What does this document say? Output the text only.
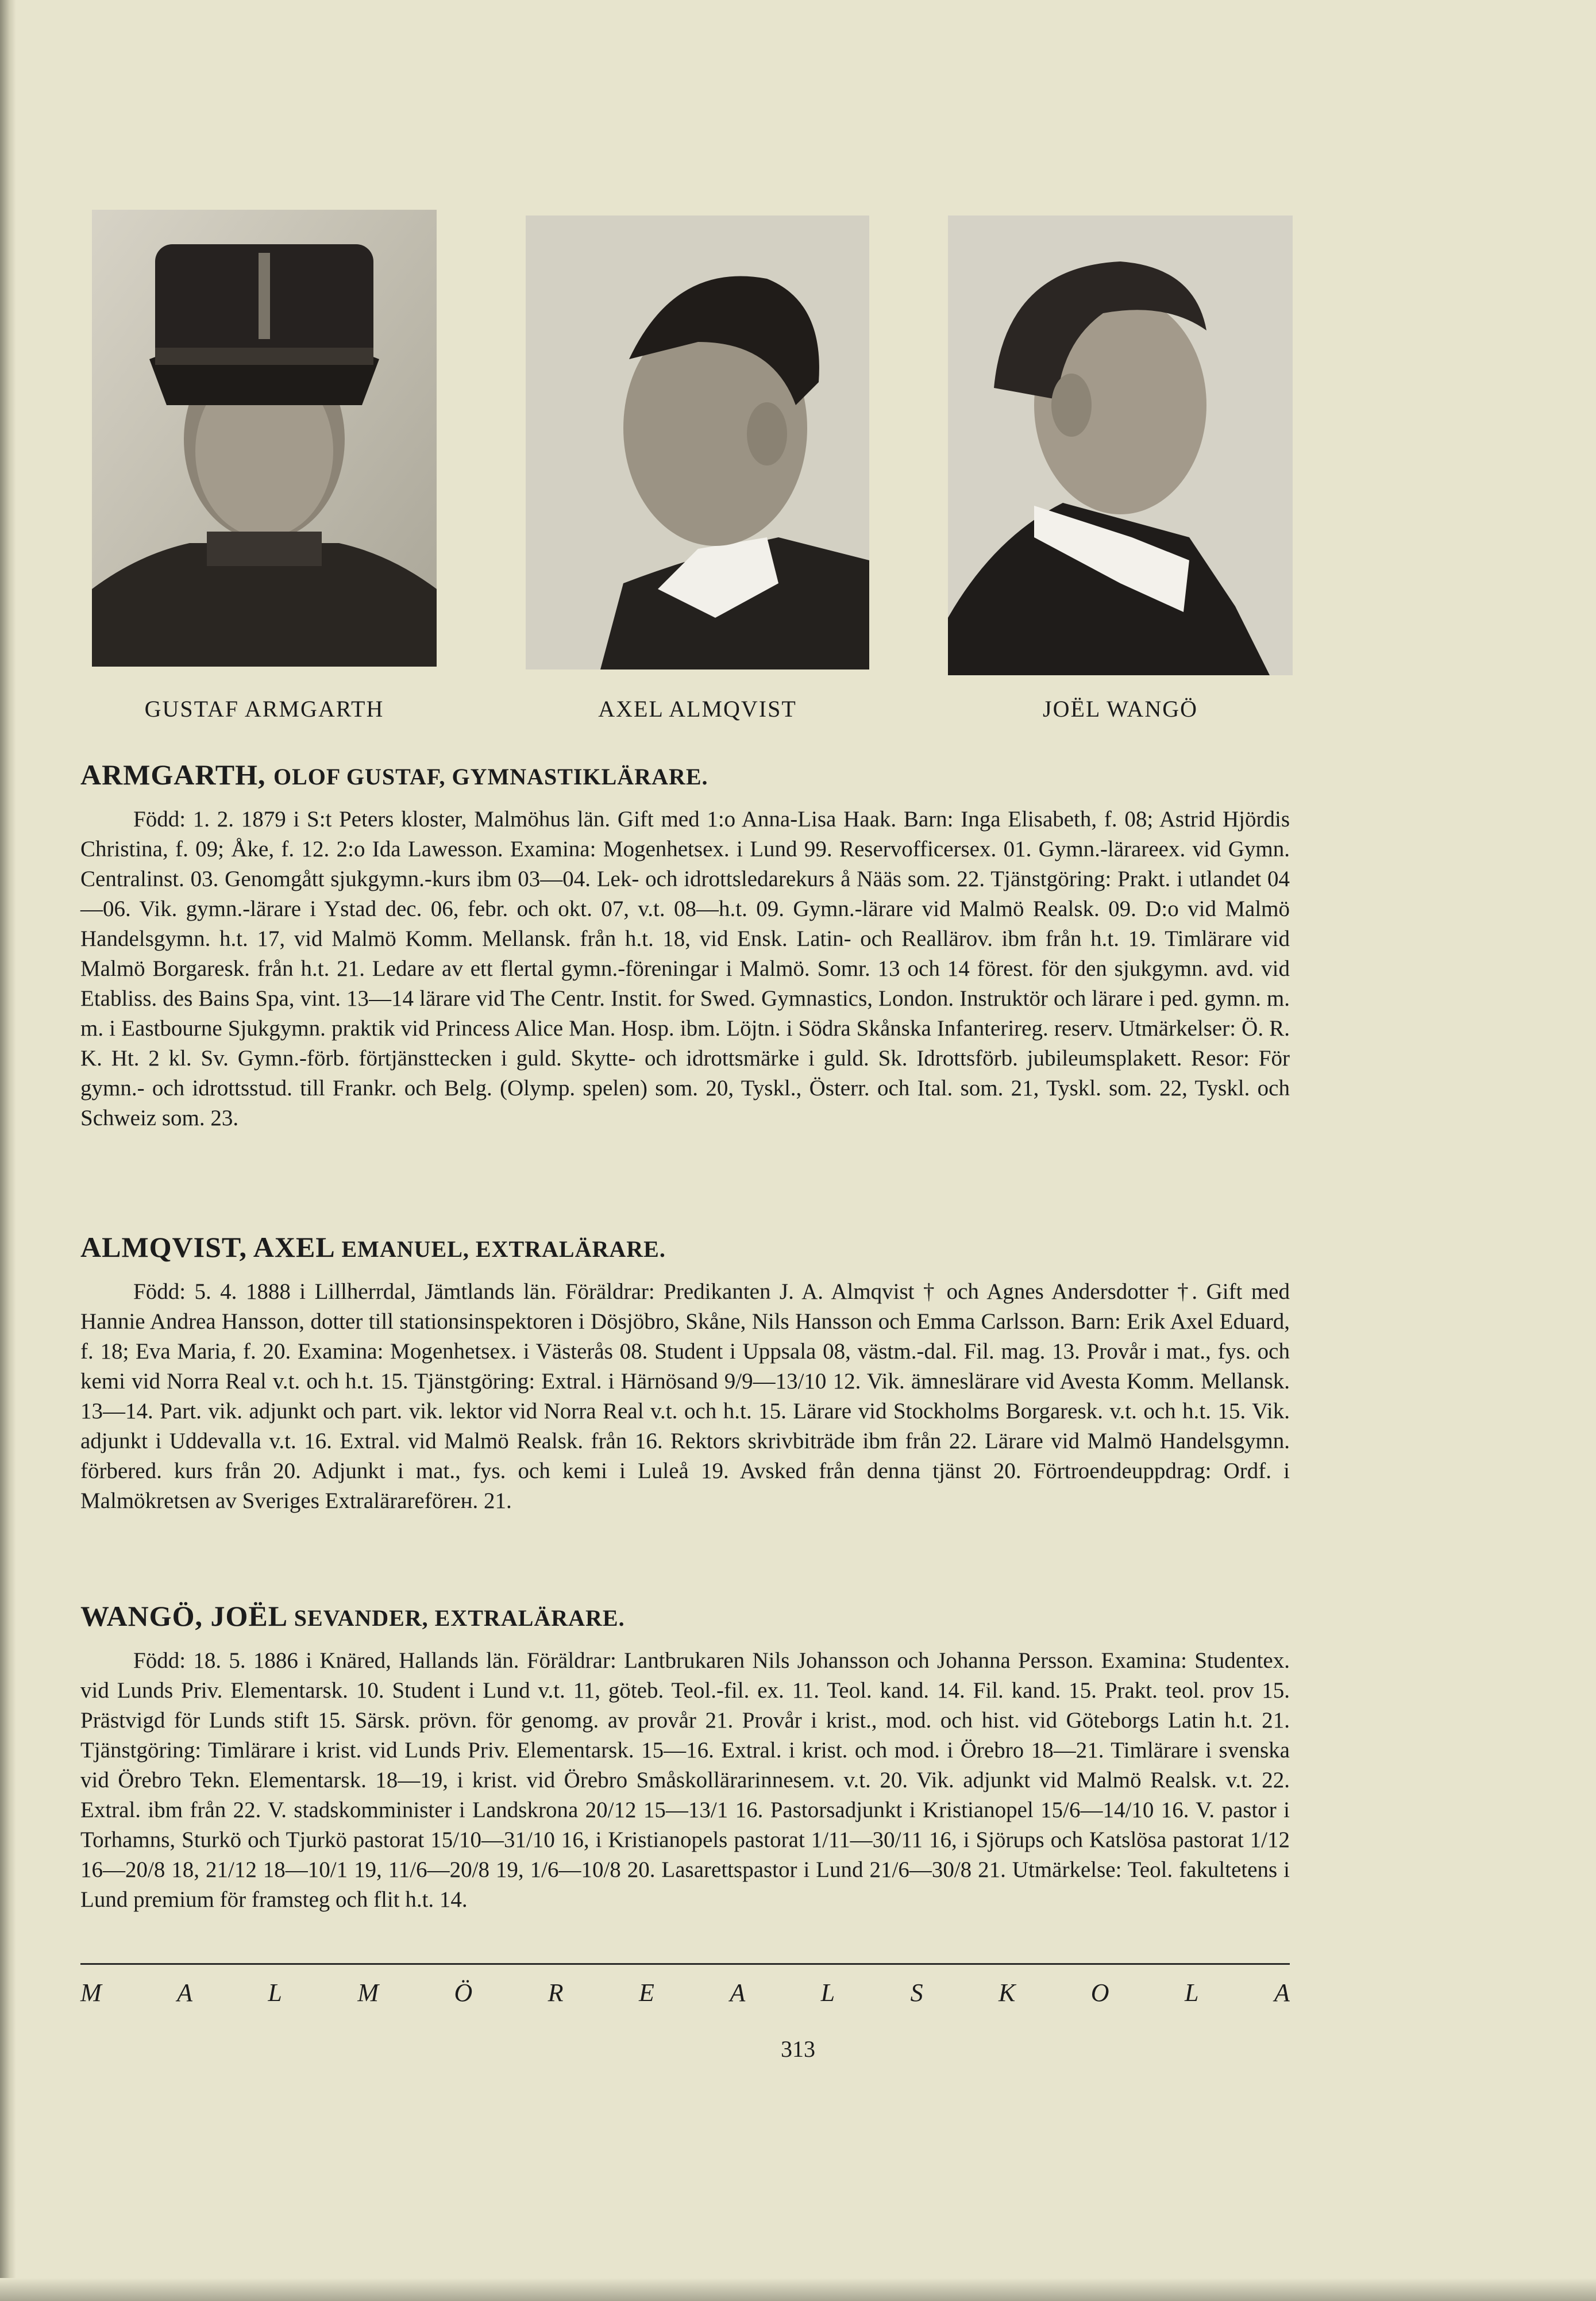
GUSTAF ARMGARTH	AXEL ALMQVIST	JOËL WANGÖ
ARMGARTH, OLOF GUSTAF, GYMNASTIKLÄRARE.

Född: 1. 2. 1879 i S:t Peters kloster, Malmöhus län. Gift med 1:o Anna-Lisa Haak. Barn: Inga Elisabeth, f. 08; Astrid Hjördis Christina, f. 09; Åke, f. 12. 2:o Ida Lawesson. Examina: Mogenhetsex. i Lund 99. Reservofficersex. 01. Gymn.-lärareex. vid Gymn. Centralinst. 03. Genomgått sjukgymn.-kurs ibm 03—04. Lek- och idrottsledarekurs å Nääs som. 22. Tjänstgöring: Prakt. i utlandet 04—06. Vik. gymn.-lärare i Ystad dec. 06, febr. och okt. 07, v.t. 08—h.t. 09. Gymn.-lärare vid Malmö Realsk. 09. D:o vid Malmö Handelsgymn. h.t. 17, vid Malmö Komm. Mellansk. från h.t. 18, vid Ensk. Latin- och Reallärov. ibm från h.t. 19. Timlärare vid Malmö Borgaresk. från h.t. 21. Ledare av ett flertal gymn.-föreningar i Malmö. Somr. 13 och 14 förest. för den sjukgymn. avd. vid Etabliss. des Bains Spa, vint. 13—14 lärare vid The Centr. Instit. for Swed. Gymnastics, London. Instruktör och lärare i ped. gymn. m. m. i Eastbourne Sjukgymn. praktik vid Princess Alice Man. Hosp. ibm. Löjtn. i Södra Skånska Infanterireg. reserv. Utmärkelser: Ö. R. K. Ht. 2 kl. Sv. Gymn.-förb. förtjänsttecken i guld. Skytte- och idrottsmärke i guld. Sk. Idrottsförb. jubileumsplakett. Resor: För gymn.- och idrottsstud. till Frankr. och Belg. (Olymp. spelen) som. 20, Tyskl., Österr. och Ital. som. 21, Tyskl. som. 22, Tyskl. och Schweiz som. 23.

ALMQVIST, AXEL EMANUEL, EXTRALÄRARE.

Född: 5. 4. 1888 i Lillherrdal, Jämtlands län. Föräldrar: Predikanten J. A. Almqvist † och Agnes Andersdotter †. Gift med Hannie Andrea Hansson, dotter till stationsinspektoren i Dösjöbro, Skåne, Nils Hansson och Emma Carlsson. Barn: Erik Axel Eduard, f. 18; Eva Maria, f. 20. Examina: Mogenhetsex. i Västerås 08. Student i Uppsala 08, västm.-dal. Fil. mag. 13. Provår i mat., fys. och kemi vid Norra Real v.t. och h.t. 15. Tjänstgöring: Extral. i Härnösand 9/9—13/10 12. Vik. ämneslärare vid Avesta Komm. Mellansk. 13—14. Part. vik. adjunkt och part. vik. lektor vid Norra Real v.t. och h.t. 15. Lärare vid Stockholms Borgaresk. v.t. och h.t. 15. Vik. adjunkt i Uddevalla v.t. 16. Extral. vid Malmö Realsk. från 16. Rektors skrivbiträde ibm från 22. Lärare vid Malmö Handelsgymn. förbered. kurs från 20. Adjunkt i mat., fys. och kemi i Luleå 19. Avsked från denna tjänst 20. Förtroendeuppdrag: Ordf. i Malmökretsen av Sveriges Extralärareförен. 21.

WANGÖ, JOËL SEVANDER, EXTRALÄRARE.

Född: 18. 5. 1886 i Knäred, Hallands län. Föräldrar: Lantbrukaren Nils Johansson och Johanna Persson. Examina: Studentex. vid Lunds Priv. Elementarsk. 10. Student i Lund v.t. 11, göteb. Teol.-fil. ex. 11. Teol. kand. 14. Fil. kand. 15. Prakt. teol. prov 15. Prästvigd för Lunds stift 15. Särsk. prövn. för genomg. av provår 21. Provår i krist., mod. och hist. vid Göteborgs Latin h.t. 21. Tjänstgöring: Timlärare i krist. vid Lunds Priv. Elementarsk. 15—16. Extral. i krist. och mod. i Örebro 18—21. Timlärare i svenska vid Örebro Tekn. Elementarsk. 18—19, i krist. vid Örebro Småskollärarinnesem. v.t. 20. Vik. adjunkt vid Malmö Realsk. v.t. 22. Extral. ibm från 22. V. stadskomminister i Landskrona 20/12 15—13/1 16. Pastorsadjunkt i Kristianopel 15/6—14/10 16. V. pastor i Torhamns, Sturkö och Tjurkö pastorat 15/10—31/10 16, i Kristianopels pastorat 1/11—30/11 16, i Sjörups och Katslösa pastorat 1/12 16—20/8 18, 21/12 18—10/1 19, 11/6—20/8 19, 1/6—10/8 20. Lasarettspastor i Lund 21/6—30/8 21. Utmärkelse: Teol. fakultetens i Lund premium för framsteg och flit h.t. 14.

M	A	L	M	Ö	R	E	A	L	S	K	O	L	A
313
